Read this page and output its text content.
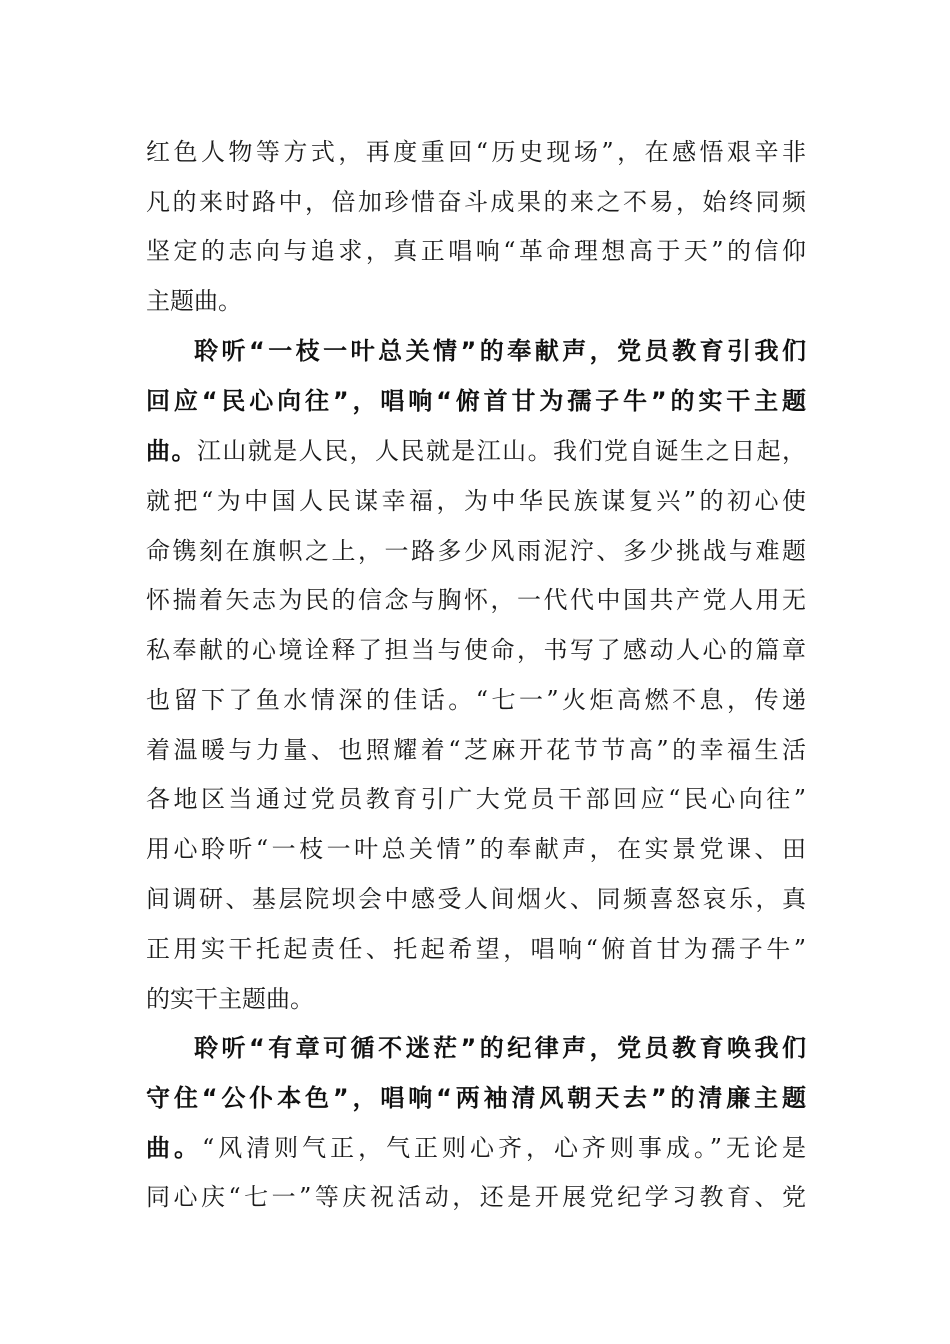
红色人物等方式，再度重回“历史现场”，在感悟艰辛非
凡的来时路中，倍加珍惜奋斗成果的来之不易，始终同频
坚定的志向与追求，真正唱响“革命理想高于天”的信仰
主题曲。
聆听“一枝一叶总关情”的奉献声，党员教育引我们
回应“民心向往”，唱响“俯首甘为孺子牛”的实干主题
曲。江山就是人民，人民就是江山。我们党自诞生之日起，
就把“为中国人民谋幸福，为中华民族谋复兴”的初心使
命镌刻在旗帜之上，一路多少风雨泥泞、多少挑战与难题
怀揣着矢志为民的信念与胸怀，一代代中国共产党人用无
私奉献的心境诠释了担当与使命，书写了感动人心的篇章
也留下了鱼水情深的佳话。“七一”火炬高燃不息，传递
着温暖与力量、也照耀着“芝麻开花节节高”的幸福生活
各地区当通过党员教育引广大党员干部回应“民心向往”
用心聆听“一枝一叶总关情”的奉献声，在实景党课、田
间调研、基层院坝会中感受人间烟火、同频喜怒哀乐，真
正用实干托起责任、托起希望，唱响“俯首甘为孺子牛”
的实干主题曲。
聆听“有章可循不迷茫”的纪律声，党员教育唤我们
守住“公仆本色”，唱响“两袖清风朝天去”的清廉主题
曲。“风清则气正，气正则心齐，心齐则事成。”无论是
同心庆“七一”等庆祝活动，还是开展党纪学习教育、党
